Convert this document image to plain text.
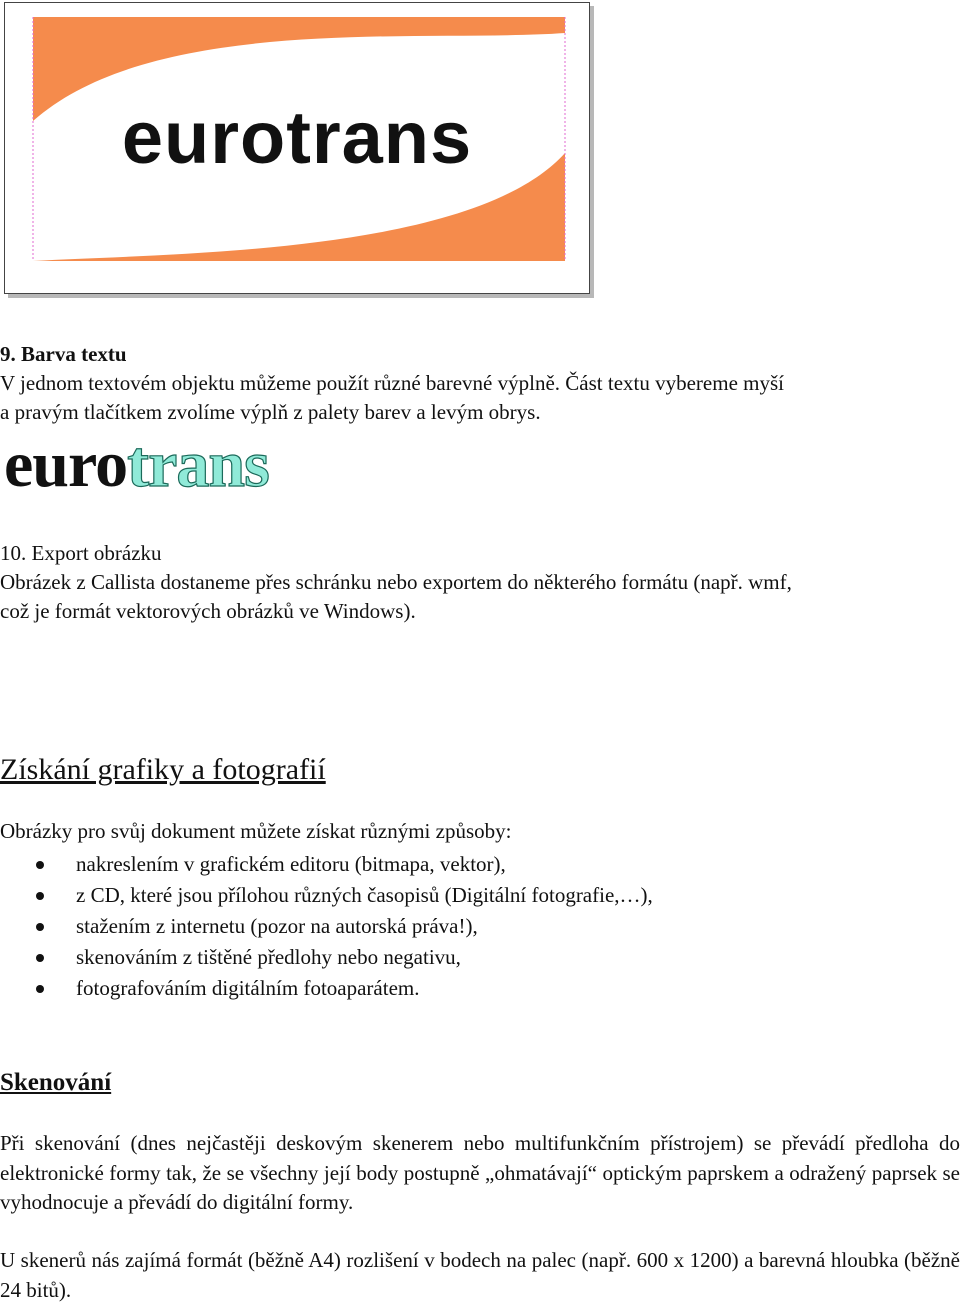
eurotrans
9. Barva textu
V jednom textovém objektu můžeme použít různé barevné výplně. Část textu vybereme myší
a pravým tlačítkem zvolíme výplň z palety barev a levým obrys.
eurotrans
10. Export obrázku
Obrázek z Callista dostaneme přes schránku nebo exportem do některého formátu (např. wmf,
což je formát vektorových obrázků ve Windows).
Získání grafiky a fotografií
Obrázky pro svůj dokument můžete získat různými způsoby:
nakreslením v grafickém editoru (bitmapa, vektor),
z CD, které jsou přílohou různých časopisů (Digitální fotografie,…),
stažením z internetu (pozor na autorská práva!),
skenováním z tištěné předlohy nebo negativu,
fotografováním digitálním fotoaparátem.
Skenování
Při skenování (dnes nejčastěji deskovým skenerem nebo multifunkčním přístrojem) se převádí předloha do elektronické formy tak, že se všechny její body postupně „ohmatávají“ optickým paprskem a odražený paprsek se vyhodnocuje a převádí do digitální formy.
U skenerů nás zajímá formát (běžně A4) rozlišení v bodech na palec (např. 600 x 1200) a barevná hloubka (běžně 24 bitů).
